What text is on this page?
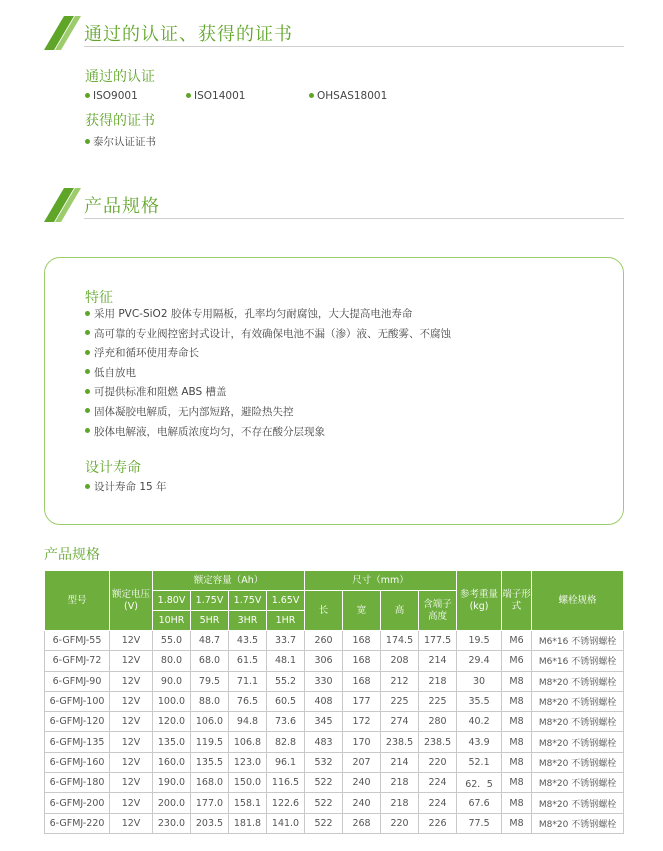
通过的认证、获得的证书
通过的认证
ISO9001	ISO14001	OHSAS18001
获得的证书
泰尔认证证书
产品规格
特征
采用 PVC-SiO2 胶体专用隔板，孔率均匀耐腐蚀，大大提高电池寿命
高可靠的专业阀控密封式设计，有效确保电池不漏（渗）液、无酸雾、不腐蚀
浮充和循环使用寿命长
低自放电
可提供标准和阻燃 ABS 槽盖
固体凝胶电解质，无内部短路，避险热失控
胶体电解液，电解质浓度均匀，不存在酸分层现象
设计寿命
设计寿命 15 年
产品规格
型号	额定电压(V)	额定容量（Ah）				尺寸（mm）				参考重量(kg)	端子形式	螺栓规格
		1.80V	1.75V	1.75V	1.65V	长	宽	高	含端子高度			
		10HR	5HR	3HR	1HR							
6-GFMJ-55	12V	55.0	48.7	43.5	33.7	260	168	174.5	177.5	19.5	M6	M6*16 不锈钢螺栓
6-GFMJ-72	12V	80.0	68.0	61.5	48.1	306	168	208	214	29.4	M6	M6*16 不锈钢螺栓
6-GFMJ-90	12V	90.0	79.5	71.1	55.2	330	168	212	218	30	M8	M8*20 不锈钢螺栓
6-GFMJ-100	12V	100.0	88.0	76.5	60.5	408	177	225	225	35.5	M8	M8*20 不锈钢螺栓
6-GFMJ-120	12V	120.0	106.0	94.8	73.6	345	172	274	280	40.2	M8	M8*20 不锈钢螺栓
6-GFMJ-135	12V	135.0	119.5	106.8	82.8	483	170	238.5	238.5	43.9	M8	M8*20 不锈钢螺栓
6-GFMJ-160	12V	160.0	135.5	123.0	96.1	532	207	214	220	52.1	M8	M8*20 不锈钢螺栓
6-GFMJ-180	12V	190.0	168.0	150.0	116.5	522	240	218	224	62．5	M8	M8*20 不锈钢螺栓
6-GFMJ-200	12V	200.0	177.0	158.1	122.6	522	240	218	224	67.6	M8	M8*20 不锈钢螺栓
6-GFMJ-220	12V	230.0	203.5	181.8	141.0	522	268	220	226	77.5	M8	M8*20 不锈钢螺栓
